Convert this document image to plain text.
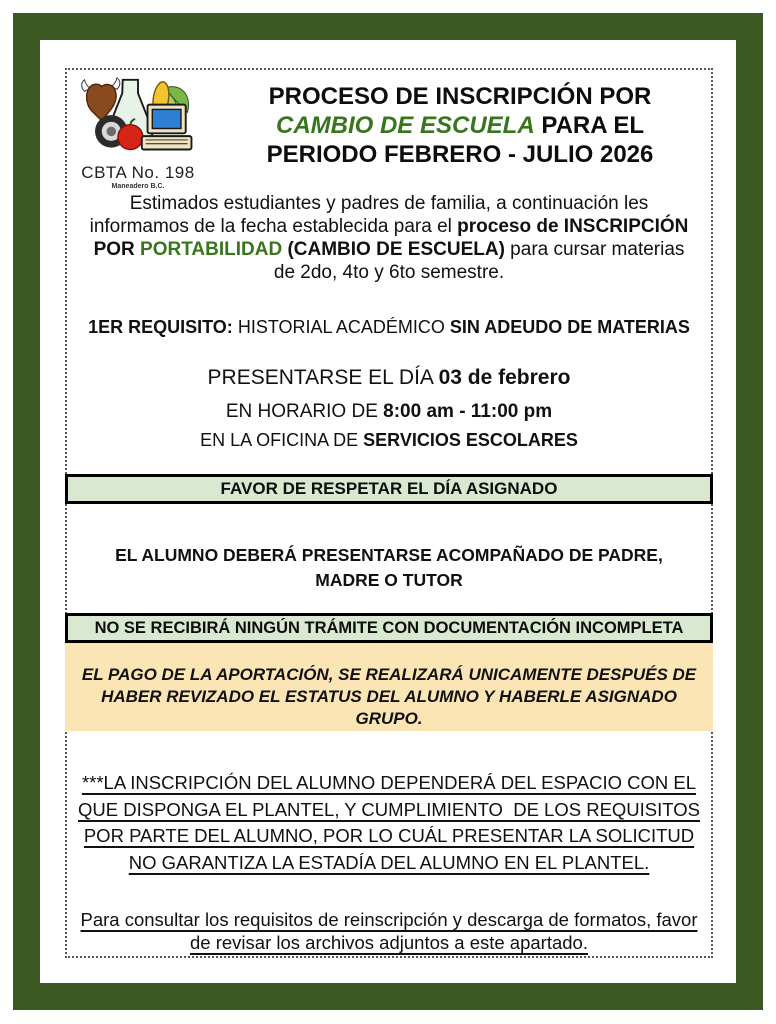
CBTA No. 198
Maneadero B.C.
PROCESO DE INSCRIPCIÓN POR
CAMBIO DE ESCUELA PARA EL
PERIODO FEBRERO - JULIO 2026
Estimados estudiantes y padres de familia, a continuación les informamos de la fecha establecida para el proceso de INSCRIPCIÓN POR PORTABILIDAD (CAMBIO DE ESCUELA) para cursar materias de 2do, 4to y 6to semestre.
1ER REQUISITO: HISTORIAL ACADÉMICO SIN ADEUDO DE MATERIAS
PRESENTARSE EL DÍA 03 de febrero
EN HORARIO DE 8:00 am - 11:00 pm
EN LA OFICINA DE SERVICIOS ESCOLARES
FAVOR DE RESPETAR EL DÍA ASIGNADO
EL ALUMNO DEBERÁ PRESENTARSE ACOMPAÑADO DE PADRE,
MADRE O TUTOR
NO SE RECIBIRÁ NINGÚN TRÁMITE CON DOCUMENTACIÓN INCOMPLETA
EL PAGO DE LA APORTACIÓN, SE REALIZARÁ UNICAMENTE DESPUÉS DE
HABER REVIZADO EL ESTATUS DEL ALUMNO Y HABERLE ASIGNADO
GRUPO.
***LA INSCRIPCIÓN DEL ALUMNO DEPENDERÁ DEL ESPACIO CON EL
QUE DISPONGA EL PLANTEL, Y CUMPLIMIENTO  DE LOS REQUISITOS
POR PARTE DEL ALUMNO, POR LO CUÁL PRESENTAR LA SOLICITUD
NO GARANTIZA LA ESTADÍA DEL ALUMNO EN EL PLANTEL.
Para consultar los requisitos de reinscripción y descarga de formatos, favor
de revisar los archivos adjuntos a este apartado.
